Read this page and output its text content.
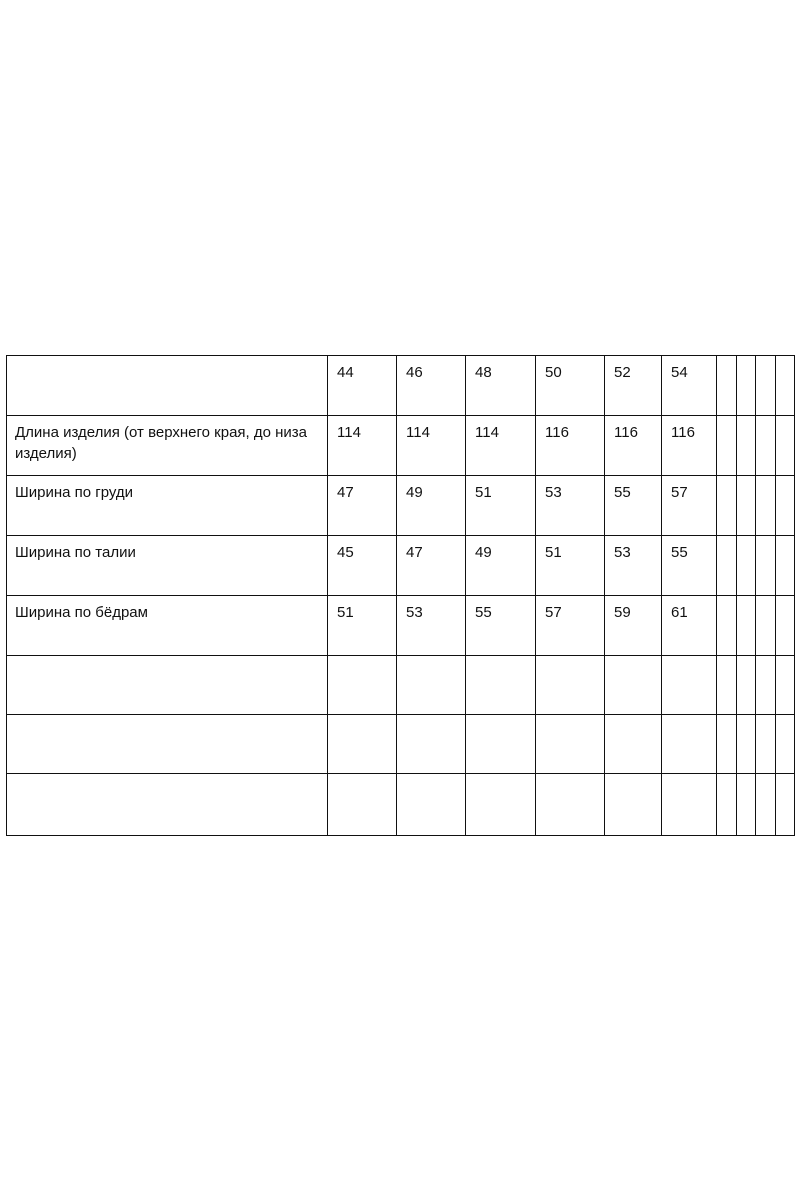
	44	46	48	50	52	54				
Длина изделия (от верхнего края, до низа изделия)	114	114	114	116	116	116				
Ширина по груди	47	49	51	53	55	57				
Ширина по талии	45	47	49	51	53	55				
Ширина по бёдрам	51	53	55	57	59	61				
